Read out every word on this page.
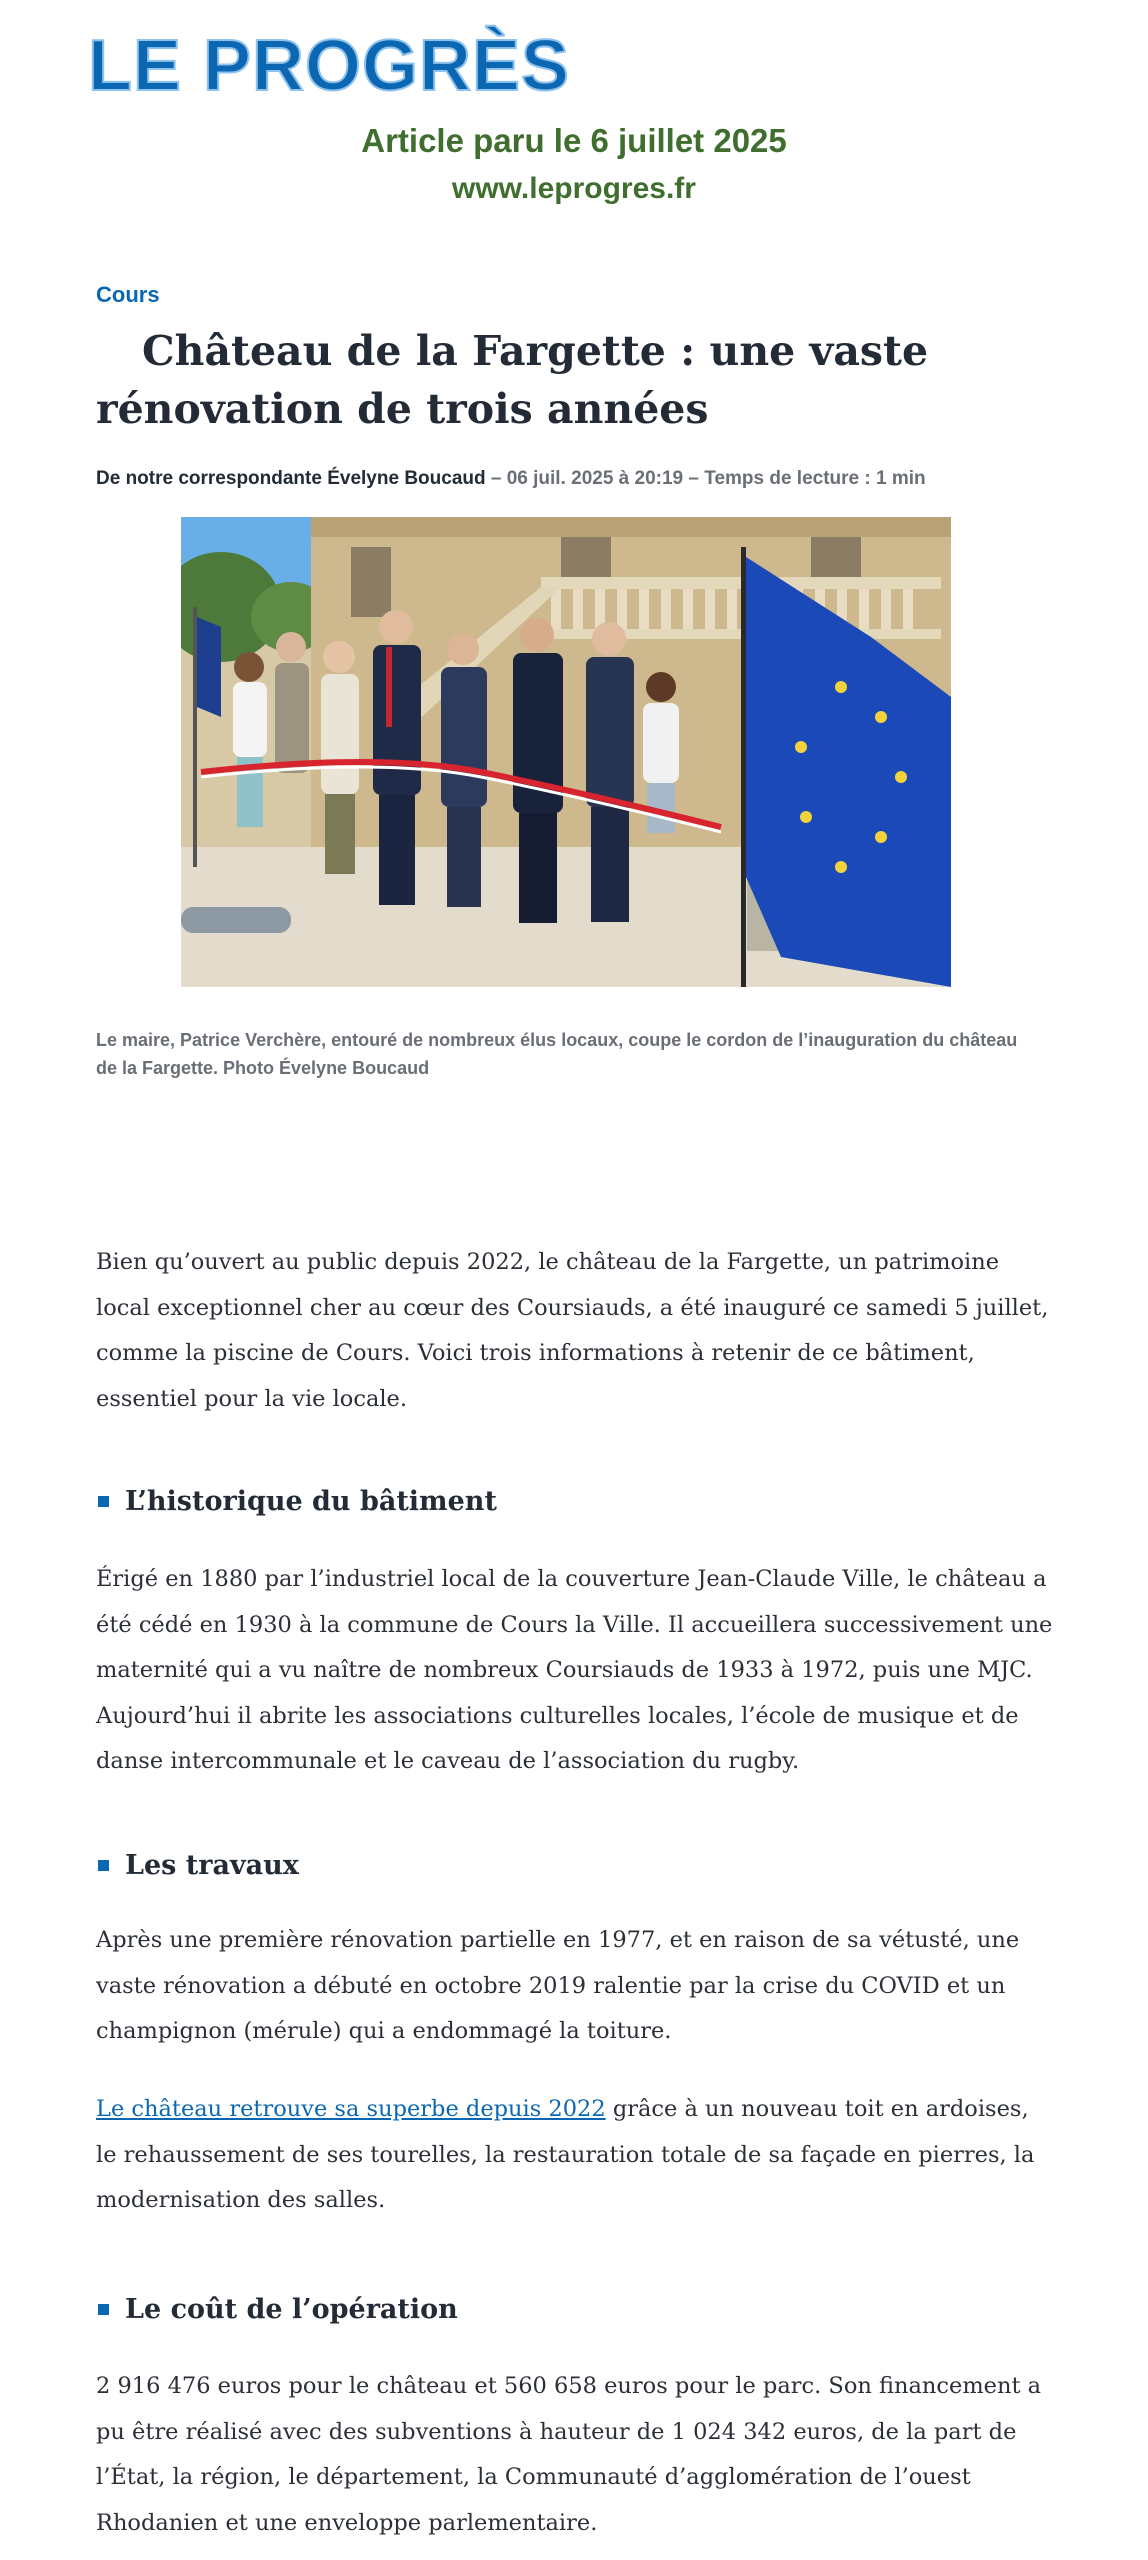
LE PROGRÈS
Article paru le 6 juillet 2025
www.leprogres.fr
Cours
Château de la Fargette : une vaste
rénovation de trois années
De notre correspondante Évelyne Boucaud – 06 juil. 2025 à 20:19 – Temps de lecture : 1 min

Le maire, Patrice Verchère, entouré de nombreux élus locaux, coupe le cordon de l’inauguration du château
de la Fargette. Photo Évelyne Boucaud

Bien qu’ouvert au public depuis 2022, le château de la Fargette, un patrimoine local exceptionnel cher au cœur des Coursiauds, a été inauguré ce samedi 5 juillet, comme la piscine de Cours. Voici trois informations à retenir de ce bâtiment, essentiel pour la vie locale.

L’historique du bâtiment

Érigé en 1880 par l’industriel local de la couverture Jean-Claude Ville, le château a été cédé en 1930 à la commune de Cours la Ville. Il accueillera successivement une maternité qui a vu naître de nombreux Coursiauds de 1933 à 1972, puis une MJC. Aujourd’hui il abrite les associations culturelles locales, l’école de musique et de danse intercommunale et le caveau de l’association du rugby.

Les travaux

Après une première rénovation partielle en 1977, et en raison de sa vétusté, une vaste rénovation a débuté en octobre 2019 ralentie par la crise du COVID et un champignon (mérule) qui a endommagé la toiture.

Le château retrouve sa superbe depuis 2022 grâce à un nouveau toit en ardoises, le rehaussement de ses tourelles, la restauration totale de sa façade en pierres, la modernisation des salles.

Le coût de l’opération

2 916 476 euros pour le château et 560 658 euros pour le parc. Son financement a pu être réalisé avec des subventions à hauteur de 1 024 342 euros, de la part de l’État, la région, le département, la Communauté d’agglomération de l’ouest Rhodanien et une enveloppe parlementaire.
